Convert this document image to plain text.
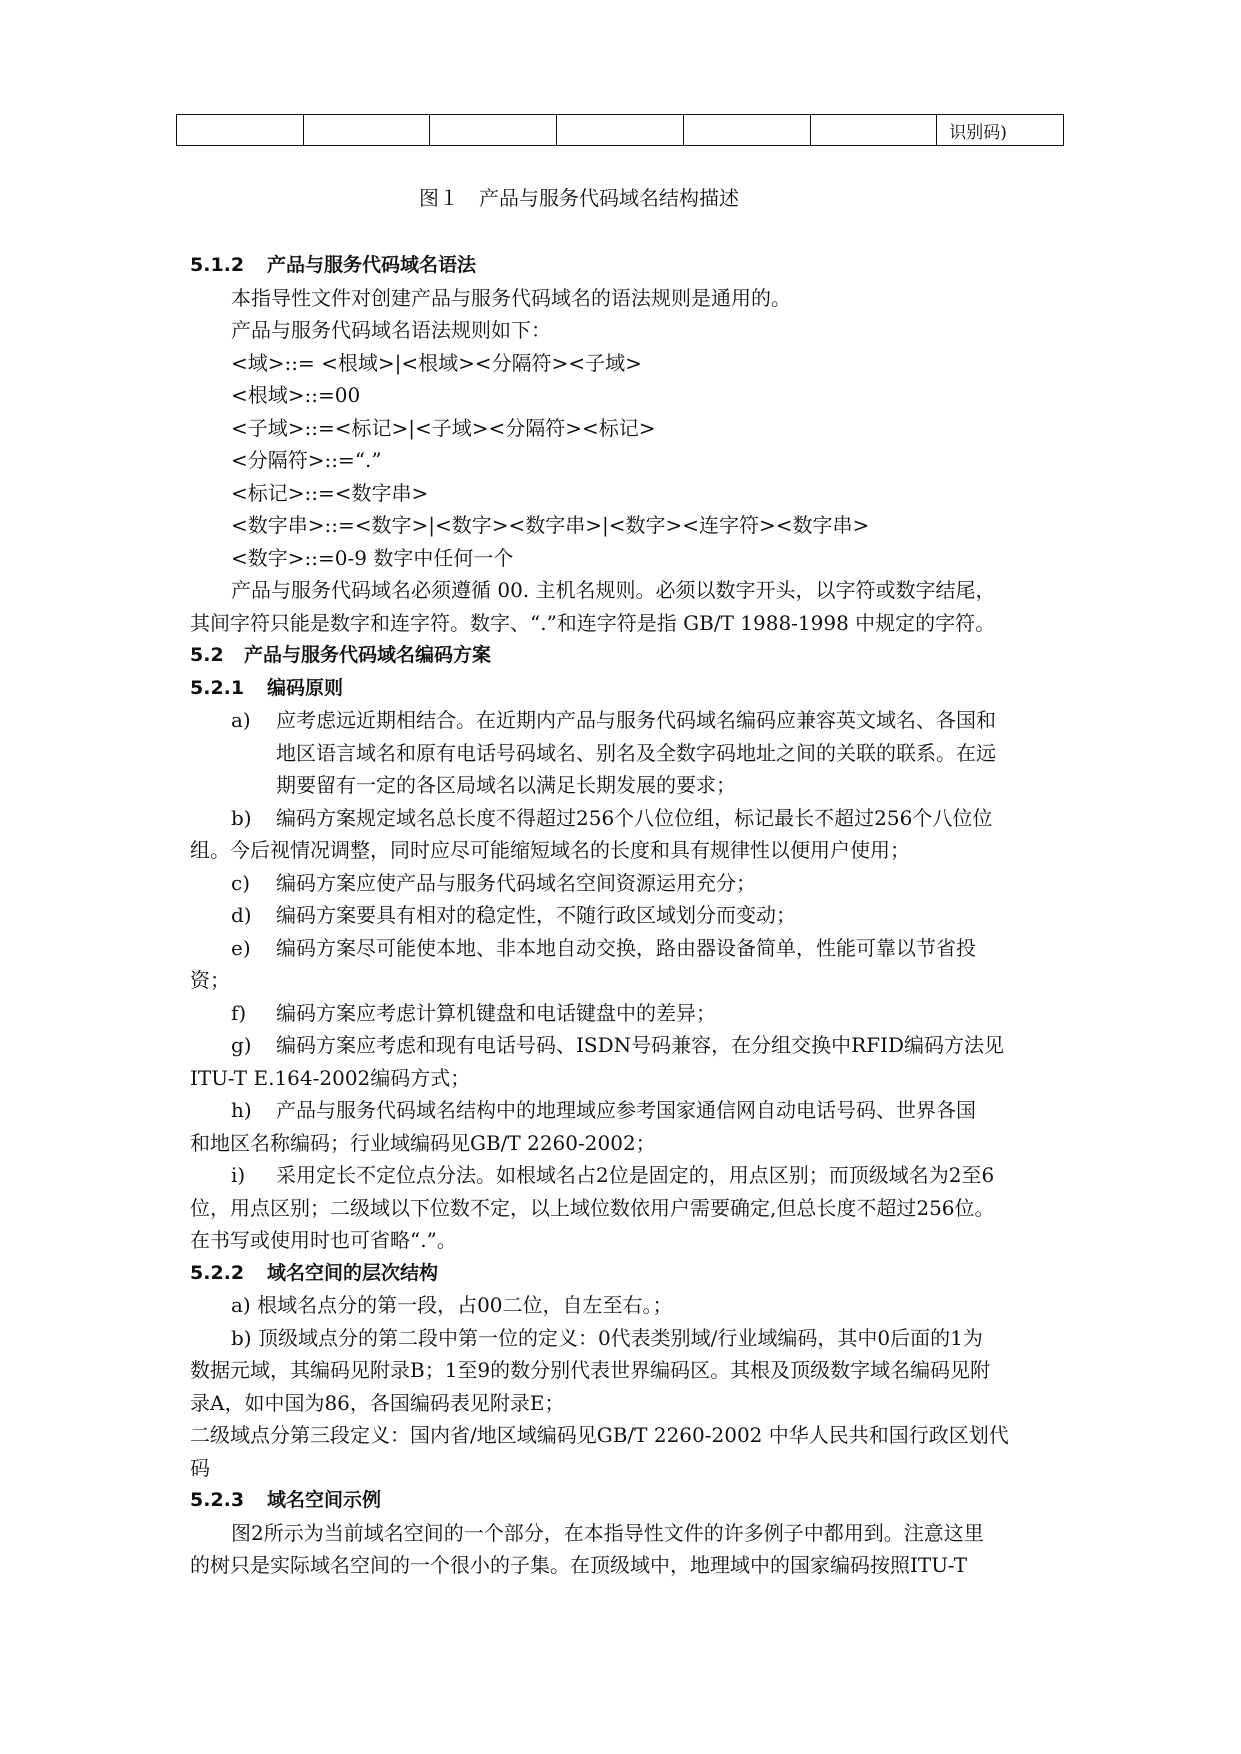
						识别码)
图１　产品与服务代码域名结构描述
5.1.2 产品与服务代码域名语法
本指导性文件对创建产品与服务代码域名的语法规则是通用的。
产品与服务代码域名语法规则如下：
<域>::= <根域>|<根域><分隔符><子域>
<根域>::=00
<子域>::=<标记>|<子域><分隔符><标记>
<分隔符>::=“.”
<标记>::=<数字串>
<数字串>::=<数字>|<数字><数字串>|<数字><连字符><数字串>
<数字>::=0-9 数字中任何一个
产品与服务代码域名必须遵循 00. 主机名规则。必须以数字开头，以字符或数字结尾，
其间字符只能是数字和连字符。数字、“.”和连字符是指 GB/T 1988-1998 中规定的字符。
5.2 产品与服务代码域名编码方案
5.2.1 编码原则
a) 应考虑远近期相结合。在近期内产品与服务代码域名编码应兼容英文域名、各国和
地区语言域名和原有电话号码域名、别名及全数字码地址之间的关联的联系。在远
期要留有一定的各区局域名以满足长期发展的要求；
b) 编码方案规定域名总长度不得超过256个八位位组，标记最长不超过256个八位位
组。今后视情况调整，同时应尽可能缩短域名的长度和具有规律性以便用户使用；
c) 编码方案应使产品与服务代码域名空间资源运用充分；
d) 编码方案要具有相对的稳定性，不随行政区域划分而变动；
e) 编码方案尽可能使本地、非本地自动交换，路由器设备简单，性能可靠以节省投
资；
f) 编码方案应考虑计算机键盘和电话键盘中的差异；
g) 编码方案应考虑和现有电话号码、ISDN号码兼容，在分组交换中RFID编码方法见
ITU-T E.164-2002编码方式；
h) 产品与服务代码域名结构中的地理域应参考国家通信网自动电话号码、世界各国
和地区名称编码；行业域编码见GB/T 2260-2002；
i) 采用定长不定位点分法。如根域名占2位是固定的，用点区别；而顶级域名为2至6
位，用点区别；二级域以下位数不定，以上域位数依用户需要确定,但总长度不超过256位。
在书写或使用时也可省略“.”。
5.2.2 域名空间的层次结构
a) 根域名点分的第一段，占00二位，自左至右。；
b) 顶级域点分的第二段中第一位的定义：0代表类别域/行业域编码，其中0后面的1为
数据元域，其编码见附录B；1至9的数分别代表世界编码区。其根及顶级数字域名编码见附
录A，如中国为86，各国编码表见附录E；
二级域点分第三段定义：国内省/地区域编码见GB/T 2260-2002 中华人民共和国行政区划代
码
5.2.3 域名空间示例
图2所示为当前域名空间的一个部分，在本指导性文件的许多例子中都用到。注意这里
的树只是实际域名空间的一个很小的子集。在顶级域中，地理域中的国家编码按照ITU-T
